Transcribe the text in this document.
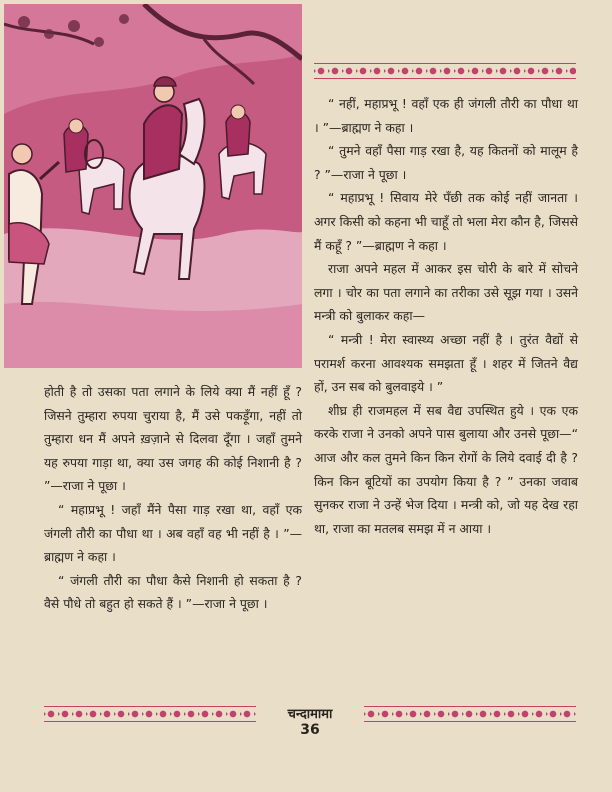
“ नहीं, महाप्रभू ! वहाँ एक ही जंगली तौरी का पौधा था । ”—ब्राह्मण ने कहा ।

“ तुमने वहाँ पैसा गाड़ रखा है, यह कितनों को मालूम है ? ”—राजा ने पूछा ।

“ महाप्रभू ! सिवाय मेरे पँछी तक कोई नहीं जानता । अगर किसी को कहना भी चाहूँ तो भला मेरा कौन है, जिससे मैं कहूँ ? ”—ब्राह्मण ने कहा ।

राजा अपने महल में आकर इस चोरी के बारे में सोचने लगा । चोर का पता लगाने का तरीका उसे सूझ गया । उसने मन्त्री को बुलाकर कहा—

“ मन्त्री ! मेरा स्वास्थ्य अच्छा नहीं है । तुरंत वैद्यों से परामर्श करना आवश्यक समझता हूँ । शहर में जितने वैद्य हों, उन सब को बुलवाइये । ”

शीघ्र ही राजमहल में सब वैद्य उपस्थित हुये । एक एक करके राजा ने उनको अपने पास बुलाया और उनसे पूछा—“ आज और कल तुमने किन किन रोगों के लिये दवाई दी है ? किन किन बूटियों का उपयोग किया है ? ” उनका जवाब सुनकर राजा ने उन्हें भेज दिया । मन्त्री को, जो यह देख रहा था, राजा का मतलब समझ में न आया ।

होती है तो उसका पता लगाने के लिये क्या मैं नहीं हूँ ? जिसने तुम्हारा रुपया चुराया है, मैं उसे पकड़ूँगा, नहीं तो तुम्हारा धन मैं अपने ख़ज़ाने से दिलवा दूँगा । जहाँ तुमने यह रुपया गाड़ा था, क्या उस जगह की कोई निशानी है ? ”—राजा ने पूछा ।

“ महाप्रभू ! जहाँ मैंने पैसा गाड़ रखा था, वहाँ एक जंगली तौरी का पौधा था । अब वहाँ वह भी नहीं है । ”—ब्राह्मण ने कहा ।

“ जंगली तौरी का पौधा कैसे निशानी हो सकता है ? वैसे पौधे तो बहुत हो सकते हैं । ”—राजा ने पूछा ।

चन्दामामा
36
